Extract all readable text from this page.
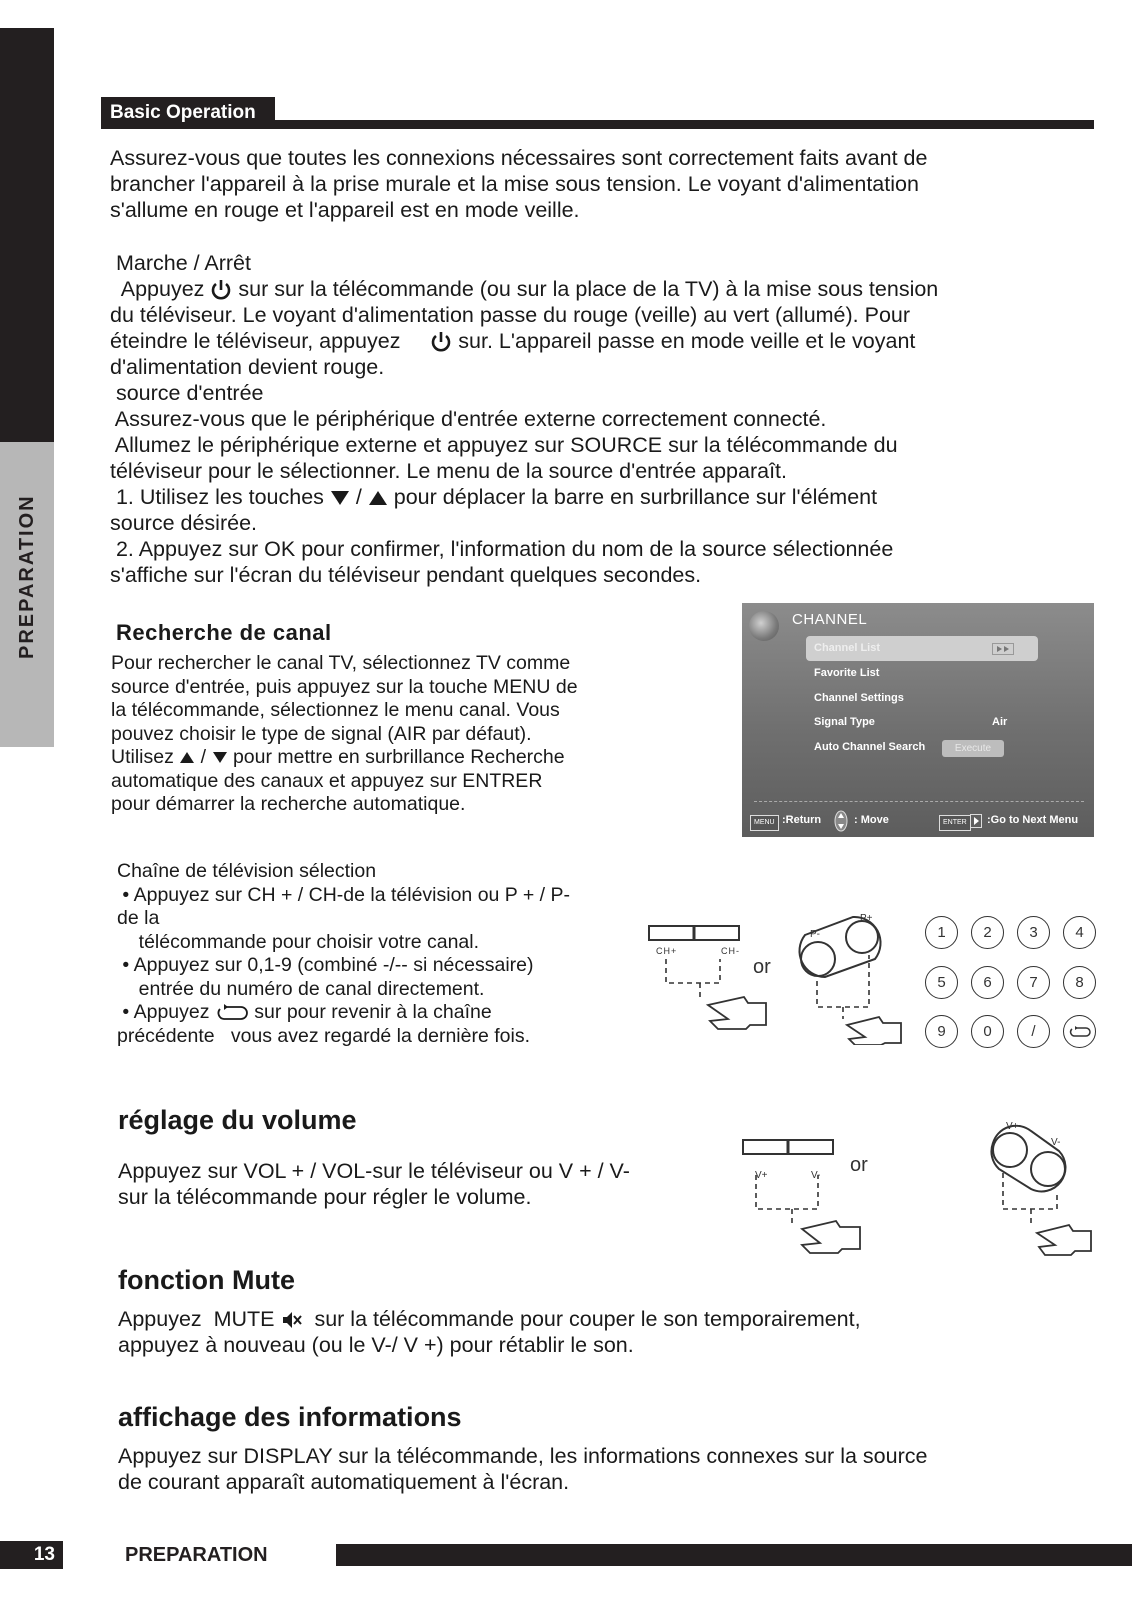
PREPARATION
Basic Operation
Assurez-vous que toutes les connexions nécessaires sont correctement faits avant de
brancher l'appareil à la prise murale et la mise sous tension. Le voyant d'alimentation
s'allume en rouge et l'appareil est en mode veille.
Marche / Arrêt
Appuyez  sur sur la télécommande (ou sur la place de la TV) à la mise sous tension
du téléviseur. Le voyant d'alimentation passe du rouge (veille) au vert (allumé). Pour
éteindre le téléviseur, appuyez      sur. L'appareil passe en mode veille et le voyant
d'alimentation devient rouge.
source d'entrée
Assurez-vous que le périphérique d'entrée externe correctement connecté.
Allumez le périphérique externe et appuyez sur SOURCE sur la télécommande du
téléviseur pour le sélectionner. Le menu de la source d'entrée apparaît.
1. Utilisez les touches  /  pour déplacer la barre en surbrillance sur l'élément
source désirée.
2. Appuyez sur OK pour confirmer, l'information du nom de la source sélectionnée
s'affiche sur l'écran du téléviseur pendant quelques secondes.
Recherche de canal
Pour rechercher le canal TV, sélectionnez TV comme
source d'entrée, puis appuyez sur la touche MENU de
la télécommande, sélectionnez le menu canal. Vous
pouvez choisir le type de signal (AIR par défaut).
Utilisez  /  pour mettre en surbrillance Recherche
automatique des canaux et appuyez sur ENTRER
pour démarrer la recherche automatique.
CHANNEL
Channel List
Favorite List
Channel Settings
Signal Type	Air
Auto Channel Search	Execute
MENU :Return	: Move	ENTER	:Go to Next Menu
Chaîne de télévision sélection
• Appuyez sur CH + / CH-de la télévision ou P + / P-
de la
télécommande pour choisir votre canal.
• Appuyez sur 0,1-9 (combiné -/-- si nécessaire)
entrée du numéro de canal directement.
• Appuyez  sur pour revenir à la chaîne
précédente   vous avez regardé la dernière fois.
CH+	CH-
or
P-
P+
1	2	3	4
5	6	7	8
9	0	/
réglage du volume
Appuyez sur VOL + / VOL-sur le téléviseur ou V + / V-
sur la télécommande pour régler le volume.
V+	V- or
V+
V-
fonction Mute
Appuyez  MUTE   sur la télécommande pour couper le son temporairement,
appuyez à nouveau (ou le V-/ V +) pour rétablir le son.
affichage des informations
Appuyez sur DISPLAY sur la télécommande, les informations connexes sur la source
de courant apparaît automatiquement à l'écran.
13	PREPARATION
